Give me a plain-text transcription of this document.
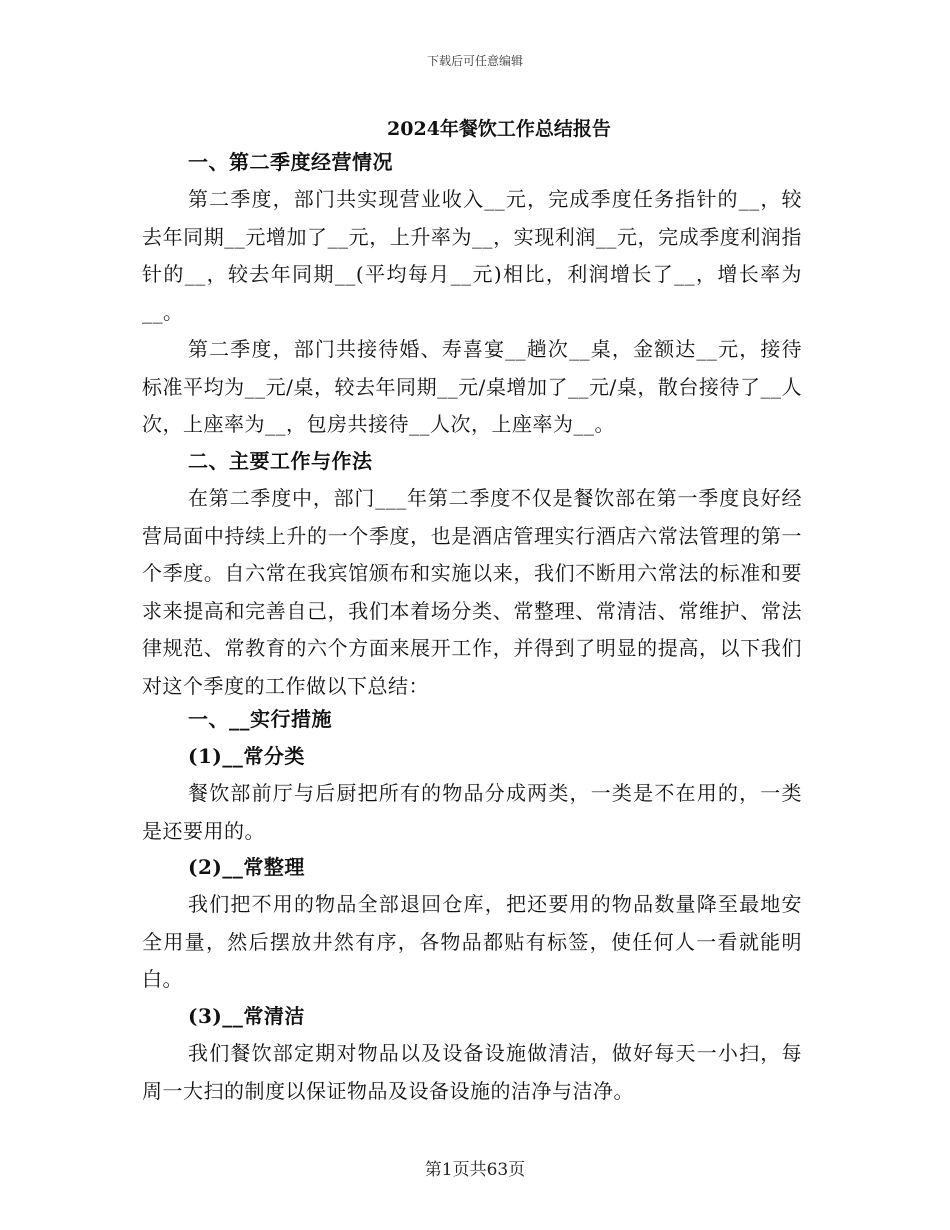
下载后可任意编辑
2024年餐饮工作总结报告

一、第二季度经营情况

第二季度，部门共实现营业收入__元，完成季度任务指针的__，较去年同期__元增加了__元，上升率为__，实现利润__元，完成季度利润指针的__，较去年同期__(平均每月__元)相比，利润增长了__，增长率为__。

第二季度，部门共接待婚、寿喜宴__趟次__桌，金额达__元，接待标准平均为__元/桌，较去年同期__元/桌增加了__元/桌，散台接待了__人次，上座率为__，包房共接待__人次，上座率为__。

二、主要工作与作法

在第二季度中，部门___年第二季度不仅是餐饮部在第一季度良好经营局面中持续上升的一个季度，也是酒店管理实行酒店六常法管理的第一个季度。自六常在我宾馆颁布和实施以来，我们不断用六常法的标准和要求来提高和完善自己，我们本着场分类、常整理、常清洁、常维护、常法律规范、常教育的六个方面来展开工作，并得到了明显的提高，以下我们对这个季度的工作做以下总结：

一、__实行措施

(1)__常分类

餐饮部前厅与后厨把所有的物品分成两类，一类是不在用的，一类是还要用的。

(2)__常整理

我们把不用的物品全部退回仓库，把还要用的物品数量降至最地安全用量，然后摆放井然有序，各物品都贴有标签，使任何人一看就能明白。

(3)__常清洁

我们餐饮部定期对物品以及设备设施做清洁，做好每天一小扫，每周一大扫的制度以保证物品及设备设施的洁净与洁净。

第1页共63页
